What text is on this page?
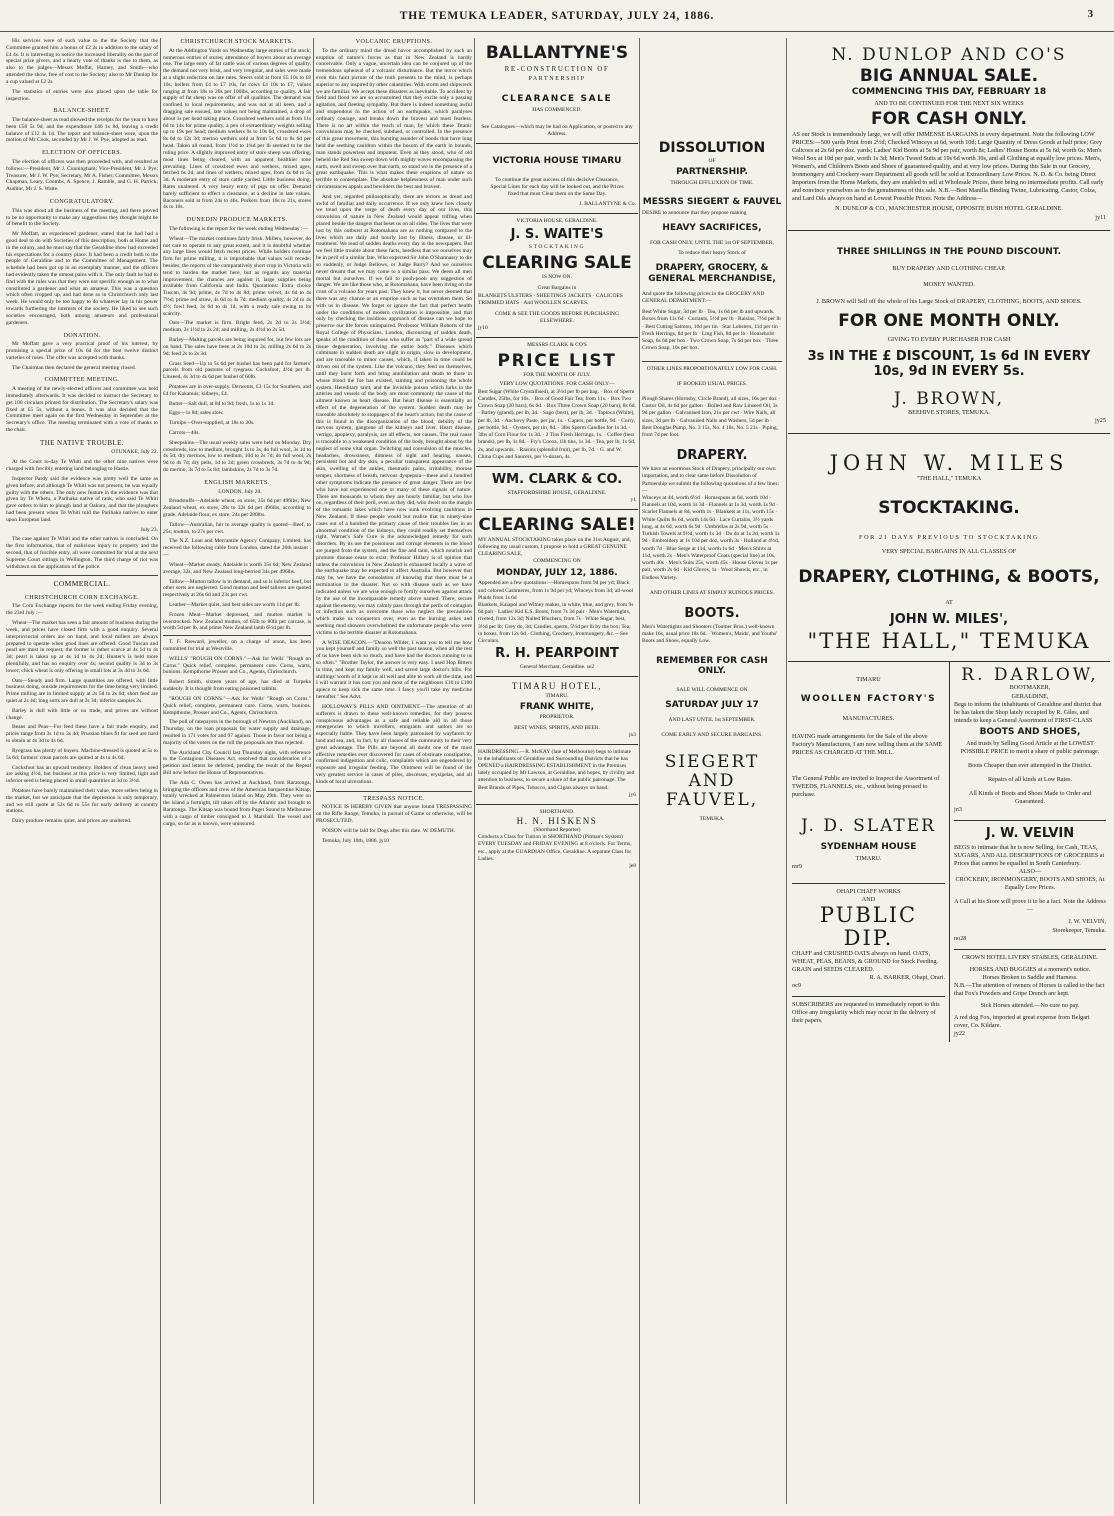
THE TEMUKA LEADER, SATURDAY, JULY 24, 1886.	3

His services were of such value to the the Society that the Committee granted him a bonus of £2 2s in addition to the salary of £4 4s. It is interesting to notice the increased liberality on the part of special prize givers, and a hearty vote of thanks is due to them, as also to the judges—Messrs Moffat, Harney, and Smith—who attended the show, free of cost to the Society; also to Mr Dunlop for a cup valued at £2 2s.

The statistics of entries were also placed upon the table for inspection.

BALANCE-SHEET.

The balance-sheet as read showed the receipts for the year to have been £58 5s 9d, and the expenditure £46 1s 8d, leaving a credit balance of £12 4s 1d. The report and balance-sheet were, upon the motion of Mr Cook, seconded by Mr J. W. Pye, adopted as read.

ELECTION OF OFFICERS.

The election of officers was then proceeded with, and resulted as follows:—President, Mr J. Cunningham; Vice-President, Mr J. Pye; Treasurer, Mr J. W. Pye; Secretary, Mr A. Fisher; Committee, Messrs Chapman, Leary, Coombs, A. Spence, J. Ramble, and G. H. Patrick; Auditor, Mr J. S. Waite.

CONGRATULATORY.

This was about all the business of the meeting, and there proved to be no opportunity to make any suggestions they thought might be of benefit to the Society.

Mr Moffatt, an experienced gardener, stated that he had had a good deal to do with Societies of this description, both at Home and in the colony, and he must say that the Geraldine show had exceeded his expectations for a country place. It had been a credit both to the people of Geraldine and to the Committee of Management. The schedule had been got up in an exemplary manner, and the officers had evidently taken the utmost pains with it. The only fault he had to find with the rules was that they were not specific enough as to what constituted a gardener and what an amateur. This was a question which often cropped up, and had done so in Christchurch only last week. He would only be too happy to do whatever lay in his power towards furthering the interests of the society. He liked to see such societies encouraged, both among amateurs and professional gardeners.

DONATION.

Mr Moffatt gave a very practical proof of his interest, by promising a special prize of 10s 6d for the best twelve distinct varieties of roses. The offer was accepted with thanks.

The Chairman then declared the general meeting closed.

COMMITTEE MEETING.

A meeting of the newly-elected officers and committee was held immediately afterwards. It was decided to instruct the Secretary to get 100 circulars printed for distribution. The Secretary's salary was fixed at £5 5s, without a bonus. It was also decided that the Committee meet again on the first Wednesday in September at the Secretary's office. The meeting terminated with a vote of thanks to the chair.

THE NATIVE TROUBLE.

OTUNAKE, July 22.

At the Court to-day Te Whiti and the other nine natives were charged with forcibly entering land belonging to Hastie.

Inspector Pardy said the evidence was pretty well the same as given before, and although Te Whiti was not present, he was equally guilty with the others. The only new feature in the evidence was that given by Te Whetu, a Parihaka native of rank, who said Te Whiti gave orders to him to plough land at Oakura, and that the ploughers had been present when Te Whiti told the Parihaka natives to enter upon European land.

July 23.

The case against Te Whiti and the other natives is concluded. On the first information, that of malicious injury to property and the second, that of forcible entry, all were committed for trial at the next Supreme Court sittings in Wellington. The third charge of riot was withdrawn on the application of the police.

COMMERCIAL.
CHRISTCHURCH CORN EXCHANGE.

The Corn Exchange reports for the week ending Friday evening, the 23rd July :—

Wheat—The market has seen a fair amount of business during the week, and prices have closed firm with a good enquiry. Several interprovincial orders are on hand, and local millers are always prepared to operate when good lines are offered. Good Tuscan and pearl are most in request; the former is rather scarce at 4s 1d to 4s 3d; pearl is taken up at 4s 1d to 4s 2d; Hunter's is held more plentifully, and has no enquiry over 4s; second quality is 3d to 3s lower; chick wheat is only offering in small lots at 3s 4d to 3s 6d.

Oats—Steady and firm. Large quantities are offered, with little business doing, outside requirements for the time being very limited. Prime milling are in limited supply at 2s 5d to 2s 6d; short feed are quiet at 2s 4d; long sorts are dull at 2s 3d; inferior samples 2s.

Barley is dull with little or no trade, and prices are without change.

Beans and Peas—For feed these have a fair trade enquiry, and prices range from 3s 1d to 3s 4d; Prussian blues fit for seed are hard to obtain at 4s 3d to 4s 6d.

Ryegrass has plenty of buyers. Machine-dressed is quoted at 5s to 5s 6d; farmers' clean parcels are quitted at 4s to 4s 6d.

Cocksfoot has an upward tendency. Holders of clean heavy seed are asking 4½d, but business at this price is very limited, light and inferior seed is being placed in small quantities at 3d to 3½d.

Potatoes have barely maintained their value, more sellers being in the market, but we anticipate that the depression is only temporary, and we still quote at 52s 6d to 55s for early delivery at country stations.

Dairy produce remains quiet, and prices are unaltered.

CHRISTCHURCH STOCK MARKETS.

At the Addington Yards on Wednesday large entries of fat stock; numerous entries of stores; attendance of buyers about an average one. The large entry of fat cattle was of various degrees of quality, the demand not very brisk, and very irregular, and sales were made at a slight reduction on late rates. Steers sold at from £5 10s to £8 10s, heifers from £4 to £7 10s, fat cows £4 10s to £7, values ranging at from 18s to 20s per 100lbs, according to quality. A fair supply of fat sheep was on offer of all qualities. The demand was confined to local requirements, and was not at all keen, and a dragging sale ensued, late values not being maintained, a drop of about 1s per head taking place. Crossbred wethers sold at from 11s 6d to 14s for prime quality, a pen of extraordinary weights selling up to 19s per head; medium wethers 9s to 10s 6d, crossbred ewes 8s 6d to 12s 3d; merino wethers sold at from 5s 6d to 8s 6d per head. Taken all round, from 1½d to 1¾d per lb seemed to be the ruling price. A slightly improved entry of store sheep was offering, most lines being cleared, with an apparent healthier tone prevailing. Lines of crossbred ewes and wethers, mixed ages, fetched 6s 2d, and lines of wethers, mixed ages, from 4s 6d to 5s 3d. A moderate entry of store cattle yarded. Little business doing. Rates unaltered. A very heavy entry of pigs on offer. Demand barely sufficient to effect a clearance, at a decline in late values. Baconers sold at from 24s to 46s. Porkers from 16s to 21s, stores 4s to 10s.

DUNEDIN PRODUCE MARKETS.

The following is the report for the week ending Wednesday :—

Wheat—The market continues fairly brisk. Millers, however, do not care to operate to any great extent, and it is doubtful whether any large lines would fetch recent prices. While holders continue firm for prime milling, it is improbable that values will recede; besides, the reports of the comparatively short crop in Victoria will tend to harden the market here, but as regards any material improvement, the chances are against it, large supplies being available from California and India. Quotations: Extra choice Tuscan, 4s 9d; prime, 4s 7d to 4s 8d; prime velvet, 4s 6d to 4s 7½d; prime red straw, 4s 6d to 4s 7d; medium quality, 4s 2d to 4s 4½; fowl feed, 3s 6d to 4s 1d, with a ready sale owing to its scarcity.

Oats—The market is firm. Bright feed, 2s 2d to 2s 3½d; medium, 2s 1½d to 2s 2d; and milling, 2s 4½d to 2s 5d.

Barley—Malting parcels are being inquired for, but few lots are on hand. The sales have been at 2s 10d to 3s; milling 2s 6d to 2s 9d; feed 2s to 2s 3d.

Grass Seed—Up to 5s 6d per bushel has been paid for farmers' parcels from old pastures of ryegrass. Cocksfoot, 4½d per lb. Linseed, 4s 3d to 4s 6d per bushel of 60lb.

Potatoes are in over-supply. Derwents, £3 15s for Southern, and £4 for Kakanuis; kidneys, £4.

Butter—Salt dull, at 8d to 9d; fresh, 1s to 1s 1d.

Eggs—1s 8d; sales slow.

Turnips—Over-supplied, at 18s to 20s.

Carrots—40s.

Sheepskins—The usual weekly sales were held on Monday. Dry crossbreds, low to medium, brought 1s to 3s, do full wool, 3s 1d to 4s 5d; dry merinos, low to medium, 10d to 2s 7d; do full wool, 2s 9d to 4s 7d; dry pelts, 1d to 2d; green crossbreds, 3s 7d to 4s 9d; do merino, 3s 7d to 5s 8d; lambskins, 2s 7d to 3s 7d.

ENGLISH MARKETS.

LONDON, July 20.

Breadstuffs—Adelaide wheat, ex store, 35s 6d per 496lbs; New Zealand wheat, ex store, 28s to 32s 6d per 496lbs, according to grade. Adelaide flour, ex store, 24s per 280lbs.

Tallow—Australian, fair to average quality is quoted—Beef, to 25s; mutton, to 27s per cwt.

The N.Z. Loan and Mercantile Agency Company, Limited, has received the following cable from London, dated the 20th instant :—

Wheat—Market steady. Adelaide is worth 35s 6d; New Zealand average, 32s, and New Zealand long-berried 34s per 496lbs.

Tallow—Mutton tallow is in demand, and so is inferior beef, but other sorts are neglected. Good mutton and beef tallows are quoted respectively at 26s 6d and 23s per cwt.

Leather—Market quiet, and best sides are worth 11d per lb.

Frozen Meat—Market depressed, and mutton market is overstocked. New Zealand mutton, of 65lb to 80lb per carcase, is worth 5d per lb, and prime New Zealand lamb 6½d per lb.

T. F. Rseward, jeweller, on a charge of arson, has been committed for trial at Westville.

WELLS' "ROUGH ON CORNS."—Ask for Wells' "Rough on Corns." Quick relief, complete, permanent cure. Corns, warts, bunions. Kempthorne Prosser and Co., Agents, Christchurch.

Robert Smith, sixteen years of age, has died at Turpeka suddenly. It is thought from eating poisoned rabbits.

"ROUGH ON CORNS."—Ask for Wells' "Rough on Corns." Quick relief, complete, permanent cure. Corns, warts, bunions. Kempthorne, Prosser and Co., Agents, Christchurch.

The poll of ratepayers in the borough of Newton (Auckland), on Thursday, on the loan proposals for water supply and drainage, resulted in 171 votes for and 97 against. Those in favor not being a majority of the voters on the roll the proposals are thus rejected.

The Auckland City Council last Thursday night, with reference to the Contagious Diseases Act, resolved that consideration of a petition and letters be deferred, pending the result of the Repeal Bill now before the House of Representatives.

The Ada C. Owen has arrived at Auckland, from Raratonga, bringing the officers and crew of the American barquentine Kitsap, totally wrecked at Palmerston Island on May 29th. They were on the island a fortnight, till taken off by the Atlantic and brought to Raratonga. The Kitsap was bound from Puget Sound to Melbourne with a cargo of timber consigned to J. Marshall. The vessel and cargo, so far as is known, were uninsured.

VOLCANIC ERUPTIONS.

To the ordinary mind the dread havoc accomplished by such an eruption of nature's forces as that in New Zealand is hardly conceivable. Only a vague, uncertain idea can be conjured up of the tremendous upheaval of a volcanic disturbance. But the terror which even this faint picture of the truth presents to the mind, is perhaps superior to any inspired by other calamities. With storm and shipwreck we are familiar. We accept these disasters as inevitable. To accident by field and flood we are so accustomed that they excite only a passing agitation, and fleeting sympathy. But there is indeed something awful and stupendous in the action of an earthquake, which paralyses ordinary courage, and breaks down the bravest and most fearless. There is no art within the reach of man, by which these Titanic convulsions may be checked, subdued, or controlled. In the presence of this great movement, this bursting asunder of bonds that have long held the seething cauldron within the bosom of the earth in bounds, man stands powerless and impotent. Even as they stood, who of old beheld the Red Sea sweep down with mighty waves encompassing the earth, swell and sweep over that earth, so stand we in the presence of a great earthquake. This is what makes these eruptions of nature so terrible to contemplate. The absolute helplessness of man under such circumstances appals and bewilders the best and bravest.

And yet, regarded philosophically, there are terrors as dread and awful of familiar and daily occurrence. If we only knew how closely we tread upon the verge of death every day of our lives, this convulsion of nature in New Zealand would appear trifling when placed beside the dangers that beset us on all sides. The lives that were lost by this outburst at Rotomahana are as nothing compared to the lives which are daily and hourly lost by illness, disease, or ill-treatment. We read of sudden deaths every day in the newspapers. But we feel little trouble about these facts, heedless that we ourselves may be in peril of a similar fate. Who expected Sir John O'Shannassy to die so suddenly, or Judge Bellows, or Judge Barry? And we ourselves never dreamt that we may come to a similar pass. We deem all men mortal but ourselves. If we fail to pooh-pooh any suggestion of danger. We are like those who, at Rotomahana, have been living on the crust of a volcano for years past. They knew it, but never deemed that there was any chance or an eruption such as has overtaken them. So with us in disease. We forget or ignore the fact that perfect health under the conditions of modern civilization is impossible, and that only by checking the insidious approach of disease can we hope to preserve our life forces unimpaired. Professor William Roberts of the Royal College of Physicians, London, discoursing of sudden death, speaks of the condition of those who suffer as "part of a wide spread tissue degeneration, involving the entire body." Diseases which culminate in sudden death are slight in origin, slow in development, and are traceable to minor causes, which, if taken in time could be driven out of the system. Like the volcano, they feed on themselves, until they burst forth and bring annihilation and death to those in whose blood the foe has existed, tainting and poisoning the whole system. Hereditary taint, and the invisible poison which lurks in the arteries and vessels of the body are most commonly the cause of the ailment known as heart disease. But heart disease is essentially an effect of the degeneration of the system. Sudden death may be traceable absolutely to stoppages of the heart's action, but the cause of this is found in the disorganization of the blood, debility of the nervous system, gangrene of the kidneys and liver. Heart disease, vertigo, apoplexy, paralysis, are all effects, not causes. The real cause is traceable to a weakened condition of the body, brought about by the neglect of some vital organ. Twitching and convulsion of the muscles, headaches, drowsiness, dimness of sight and hearing, nausea, persistent hot and dry skin, a peculiar transparent appearance of the skin, swelling of the ankles, rheumatic pains, irritability, morose temper, shortness of breath, nervous dyspepsia—these and a hundred other symptoms indicate the presence of great danger. There are few who have not experienced one or many of these signals of nature. There are thousands to whom they are hourly familiar, but who live on, regardless of their peril, even as they did, who dwelt on the margin of the romantic lakes which have now sunk evolving cauldrons in New Zealand. If these people would but realise that in ninety-nine cases out of a hundred the primary cause of their troubles lies in an abnormal condition of the kidneys, they could readily set themselves right. Warner's Safe Cure is the acknowledged remedy for such disorders. By its use the poisonous and corrupt elements in the blood are purged from the system, and the fine and taint, which nourish and promote disease cease to exist. Professor Hillary is of opinion that unless the convulsion in New Zealand is exhausted locally a wave of the earthquake may be expected to affect Australia. But however that may be, we have the consolation of knowing that there must be a termination to the disaster. Not so with disease such as we have indicated unless we are wise enough to fortify ourselves against attack by the use of the incomparable remedy above named. There, secure against the enemy, we may calmly pass through the perils of contagion or infection such as overcome those who neglect the precautions which make us conquerors over, even as the burning ashes and seething mud showers overwhelmed the unfortunate people who were victims to the terrible disaster at Rotomahana.

A WISE DEACON.—"Deacon Wilder, I want you to tell me how you kept yourself and family so well the past season, when all the rest of us have been sick so much, and have had the doctors running to us so often." "Brother Taylor, the answer is very easy. I used Hop Bitters in time, and kept my family well, and saved large doctor's bills. For shillings' worth of it kept us all well and able to work all the time, and I will warrant it has cost you and most of the neighbours £10 to £100 apiece to keep sick the same time. I fancy you'll take my medicine hereafter." See Advt.

HOLLOWAY'S PILLS AND OINTMENT.—The attention of all sufferers is drawn to these well-known remedies, for they possess conspicuous advantages as a safe and reliable aid in all those emergencies to which travellers, emigrants and sailors are so especially liable. They have been largely patronised by wayfarers by land and sea, and, in fact, by all classes of the community to their very great advantage. The Pills are beyond all doubt one of the most effective remedies ever discovered for cases of obstinate constipation, confirmed indigestion and colic, complaints which are engendered by exposure and irregular feeding. The Ointment will be found of the very greatest service in cases of piles, abscesses, erysipelas, and all kinds of local ulcerations.

TRESPASS NOTICE.

NOTICE IS HEREBY GIVEN that anyone found TRESPASSING on the Rifle Range, Temuka, in pursuit of Game or otherwise, will be PROSECUTED.

POISON will be laid for Dogs after this date. W. DEMUTH.

Temuka, July 10th, 1886. jy10

BALLANTYNE'S
RE-CONSTRUCTION OF
PARTNERSHIP
CLEARANCE SALE
HAS COMMENCED.
See Catalogues—which may be had on Application, or posted to any Address.
VICTORIA HOUSE TIMARU
To continue the great success of this decisive Clearance, Special Lines for each day will be looked out, and the Prices fixed that must Clear them on the Same Day.
J. BALLANTYNE & Co.
VICTORIA HOUSE, GERALDINE.
J. S. WAITE'S
STOCKTAKING
CLEARING SALE
IS NOW ON.
Great Bargains in
BLANKETS ULSTERS · SHEETINGS JACKETS · CALICOES TRIMMED HATS · And WOOLLEN SCARVES.
COME & SEE THE GOODS BEFORE PURCHASING ELSEWHERE.
jy10
MESSRS CLARK & CO'S
PRICE LIST
FOR THE MONTH OF JULY.
VERY LOW QUOTATIONS. FOR CASH ONLY—
Best Sugar (White Crystallised), at 3½d per lb per bag. · Box of Sperm Candles, 25lbs, for 10s. · Box of Good Fair Tea, from 11s. · Box Two Crown Soap (20 bars), 6s 6d. · Box Three Crown Soap (20 bars), 8s 6d. · Barley (grand), per lb, 3d. · Sago (best), per lb, 3d. · Tapioca (White), per lb, 3d. · Anchovy Paste, per jar, 1s. · Capers, per bottle, 9d. · Curry, per bottle, 9d. · Oysters, per tin, 8d. · 3lbs Sperm Candles for 1s 3d. · 3lbs of Corn Flour for 1s 3d. · 2 Tins Fresh Herrings, 1s. · Coffee (best brands), per lb, 1s 8d. · Fry's Cocoa, 1lb tins, 1s 3d. · Tea, per lb, 1s 6d, 2s, and upwards. · Raisins (splendid fruit), per lb, 7d. · G. and W. China Cups and Saucers, per ½-dozen, 4s.
WM. CLARK & CO.
STAFFORDSHIRE HOUSE, GERALDINE.
y1
CLEARING SALE!
MY ANNUAL STOCKTAKING takes place on the 31st August, and, following my usual custom, I propose to hold a GREAT GENUINE CLEARING SALE,
COMMENCING ON
MONDAY, JULY 12, 1886.
Appended are a few quotations:—Homespuns from 9d per yd; Black and colored Cashmeres, from 1s 9d per yd; Winceys from 3d; all-wool Plaids from 1s 6d
Blankets, Kaiapoi and Witney makes, in white, blue, and grey, from 9s 6d pair · Ladies' Kid E.S. Boots, from 7s 3d pair · Men's Watertights, riveted, from 12s 3d; Nailed Bluchers, from 7s · White Sugar, best, 3½d per lb; Grey do, 3d; Candles, sperm, 5½d per lb by the box; Tea, in boxes, from 12s 6d · Clothing, Crockery, Ironmongery, &c.—See Circulars.
R. H. PEARPOINT
General Merchant, Geraldine. se2
TIMARU HOTEL,
TIMARU.
FRANK WHITE,
PROPRIETOR.
BEST WINES, SPIRITS, AND BEER.
jn3
HAIRDRESSING.—R. McKAY (late of Melbourne) begs to intimate to the inhabitants of Geraldine and Surrounding Districts that he has OPENED a HAIRDRESSING ESTABLISHMENT in the Premises lately occupied by Mr Lawson, at Geraldine, and hopes, by civility and attention to business, to secure a share of the public patronage. The Best Brands of Pipes, Tobacco, and Cigars always on hand.
jy6
SHORTHAND.
H. N. HISKENS
(Shorthand Reporter)
Conducts a Class for Tuition in SHORTHAND (Pitman's System) EVERY TUESDAY and FRIDAY EVENING at 8 o'clock. For Terms, etc., apply at the GUARDIAN Office, Geraldine. A separate Class for Ladies.
je8
DISSOLUTION
OF
PARTNERSHIP.
THROUGH EFFLUXION OF TIME.
MESSRS SIEGERT & FAUVEL
DESIRE to announce that they propose making
HEAVY SACRIFICES,
FOR CASH ONLY, UNTIL THE 1st OF SEPTEMBER,
To reduce their heavy Stock of
DRAPERY, GROCERY, & GENERAL MERCHANDISE,
And quote the following prices in the GROCERY AND GENERAL DEPARTMENT:—
Best White Sugar, 3d per lb · Tea, 1s 6d per lb and upwards. Boxes from 11s 6d · Currants, 5½d per lb · Raisins, 7½d per lb · Best Cutting Salmon, 10d per tin · Star Lobsters, 11d per tin · Fresh Herrings, 8d per lb · Ling Fish, 8d per lb · Household Soap, 6s 6d per box · Two Crown Soap, 7s 6d per box · Three Crown Soap, 10s per box.
OTHER LINES PROPORTIONATELY LOW FOR CASH.
IF BOOKED USUAL PRICES.
Plough Shares (Hornsby, Circle Brand), all sizes, 16s per doz · Castor Oil, 4s 6d per gallon · Boiled and Raw Linseed Oil, 3s 9d per gallon · Galvanised Iron, 21s per cwt · Wire Nails, all sizes, 3d per lb · Galvanised Nails and Washers, 5d per lb · Best Douglas Pump, No. 3 15s, No. 4 18s, No. 5 21s · Piping, from 7d per foot.
DRAPERY.
We have an enormous Stock of Drapery, principally our own importation, and to clear same before Dissolution of Partnership we submit the following quotations of a few lines:—
Winceys at 4d, worth 6½d · Homespuns at 6d, worth 10d · Flannels at 10d, worth 1s 3d · Flannels at 1s 3d, worth 1s 9d · Scarlet Flannels at 8d, worth 1s · Blankets at 11s, worth 15s · White Quilts 8s 6d, worth 14s 6d · Lace Curtains, 3½ yards long, at 4s 6d, worth 6s 9d · Umbrellas at 2s 9d, worth 5s · Turkish Towels at 9½d, worth 1s 3d · Do do at 1s 2d, worth 1s 9d · Embroidery at 1s 10d per doz, worth 3s · Holland at 4½d, worth 7d · Blue Serge at 11d, worth 1s 6d · Men's Shirts at 11d, worth 2s · Men's Waterproof Coats (special line) at 10s, worth 40s · Men's Suits 25s, worth 45s · House Gloves 1s per pair, worth 2s 6d · Kid Gloves, 1s · Wool Shawls, etc., in Endless Variety.
AND OTHER LINES AT SIMPLY RUINOUS PRICES.
BOOTS.
Men's Watertights and Shooters (Toomer Bros.) well-known make 16s, usual price 18s 6d. · Women's, Maids', and Youths' Boots and Shoes, equally Low.
REMEMBER FOR CASH ONLY.
SALE WILL COMMENCE ON
SATURDAY JULY 17
AND LAST UNTIL 1st SEPTEMBER.
COME EARLY AND SECURE BARGAINS.
SIEGERT AND FAUVEL,
TEMUKA.
N. DUNLOP AND CO'S
BIG ANNUAL SALE.
COMMENCING THIS DAY, FEBRUARY 18
AND TO BE CONTINUED FOR THE NEXT SIX WEEKS
FOR CASH ONLY.
AS our Stock is tremendously large, we will offer IMMENSE BARGAINS in every department. Note the following LOW PRICES:—500 yards Print from 2½d; Checked Winceys at 6d, worth 10d; Large Quantity of Dress Goods at half price; Grey Calicoes at 2s 6d per doz. yards; Ladies' Kid Boots at 5s 9d per pair, worth 8s; Ladies' House Boots at 5s 6d, worth 6s; Men's Wool Sox at 10d per pair, worth 1s 3d; Men's Tweed Suits at 19s 6d worth 30s, and all Clothing at equally low prices. Men's, Women's, and Children's Boots and Shoes of guaranteed quality, and at very low prices. During this Sale in our Grocery, Ironmongery and Crockery-ware Department all goods will be sold at Extraordinary Low Prices. N. D. & Co. being Direct Importers from the Home Markets, they are enabled to sell at Wholesale Prices, there being no intermediate profits. Call early and convince yourselves as to the genuineness of this sale. N.B.—Best Manilla Binding Twine, Lubricating, Castor, Colza, and Lard Oils always on hand at Lowest Possible Prices. Note the Address—
N. DUNLOP & CO., MANCHESTER HOUSE, OPPOSITE BUSH HOTEL GERALDINE.
jy11
THREE SHILLINGS IN THE POUND DISCOUNT.
BUY DRAPERY AND CLOTHING CHEAP.
MONEY WANTED.
J. BROWN will Sell off the whole of his Large Stock of DRAPERY, CLOTHING, BOOTS, AND SHOES.
FOR ONE MONTH ONLY.
GIVING TO EVERY PURCHASER FOR CASH
3s IN THE £ DISCOUNT, 1s 6d IN EVERY 10s, 9d IN EVERY 5s.
J. BROWN,
BEEHIVE STORES, TEMUKA.
jy25
JOHN W. MILES
"THE HALL," TEMUKA
STOCKTAKING.
FOR 21 DAYS PREVIOUS TO STOCKTAKING
VERY SPECIAL BARGAINS IN ALL CLASSES OF
DRAPERY, CLOTHING, & BOOTS,
AT
JOHN W. MILES',
"THE HALL," TEMUKA
TIMARU
WOOLLEN FACTORY'S
MANUFACTURES.
HAVING made arrangements for the Sale of the above Factory's Manufactures, I am now selling them at the SAME PRICES AS CHARGED AT THE MILL.
The General Public are invited to Inspect the Assortment of TWEEDS, FLANNELS, etc., without being pressed to purchase.
J. D. SLATER
SYDENHAM HOUSE
TIMARU.
mr9
OHAPI CHAFF WORKS
AND
PUBLIC DIP.
CHAFF and CRUSHED OATS always on hand. OATS, WHEAT, PEAS, BEANS, & GROUND for Stock Feeding. GRAIN and SEEDS CLEARED.
R. A. BARKER, Ohapi, Orari.
oc9
SUBSCRIBERS are requested to immediately report to this Office any irregularity which may occur in the delivery of their papers.
R. DARLOW,
BOOTMAKER,
GERALDINE,
Begs to inform the inhabitants of Geraldine and district that he has taken the Shop lately occupied by R. Giles, and intends to keep a General Assortment of FIRST-CLASS
BOOTS AND SHOES,
And trusts by Selling Good Article at the LOWEST POSSIBLE PRICE to merit a share of public patronage.
Boots Cheaper than ever attempted in the District.
Repairs of all kinds at Low Rates.
All Kinds of Boots and Shoes Made to Order and Guaranteed.
jn3
J. W. VELVIN
BEGS to intimate that he is now Selling, for Cash, TEAS, SUGARS, AND ALL DESCRIPTIONS OF GROCERIES at Prices that cannot be equalled in South Canterbury.
ALSO—
CROCKERY, IRONMONGERY, BOOTS AND SHOES, At Equally Low Prices.
A Call at his Store will prove it to be a fact. Note the Address—
J. W. VELVIN,
Storekeeper, Temuka.
no28
CROWN HOTEL LIVERY STABLES, GERALDINE.
HORSES AND BUGGIES at a moment's notice.
Horses Broken to Saddle and Harness.
N.B.—The attention of owners of Horses is called to the fact that Fox's Powders and Gripe Drench are kept.
Sick Horses attended.—No cure no pay.
A red dog Fox, imported at great expense from Belgart cover, Co. Kildare.
jy22
